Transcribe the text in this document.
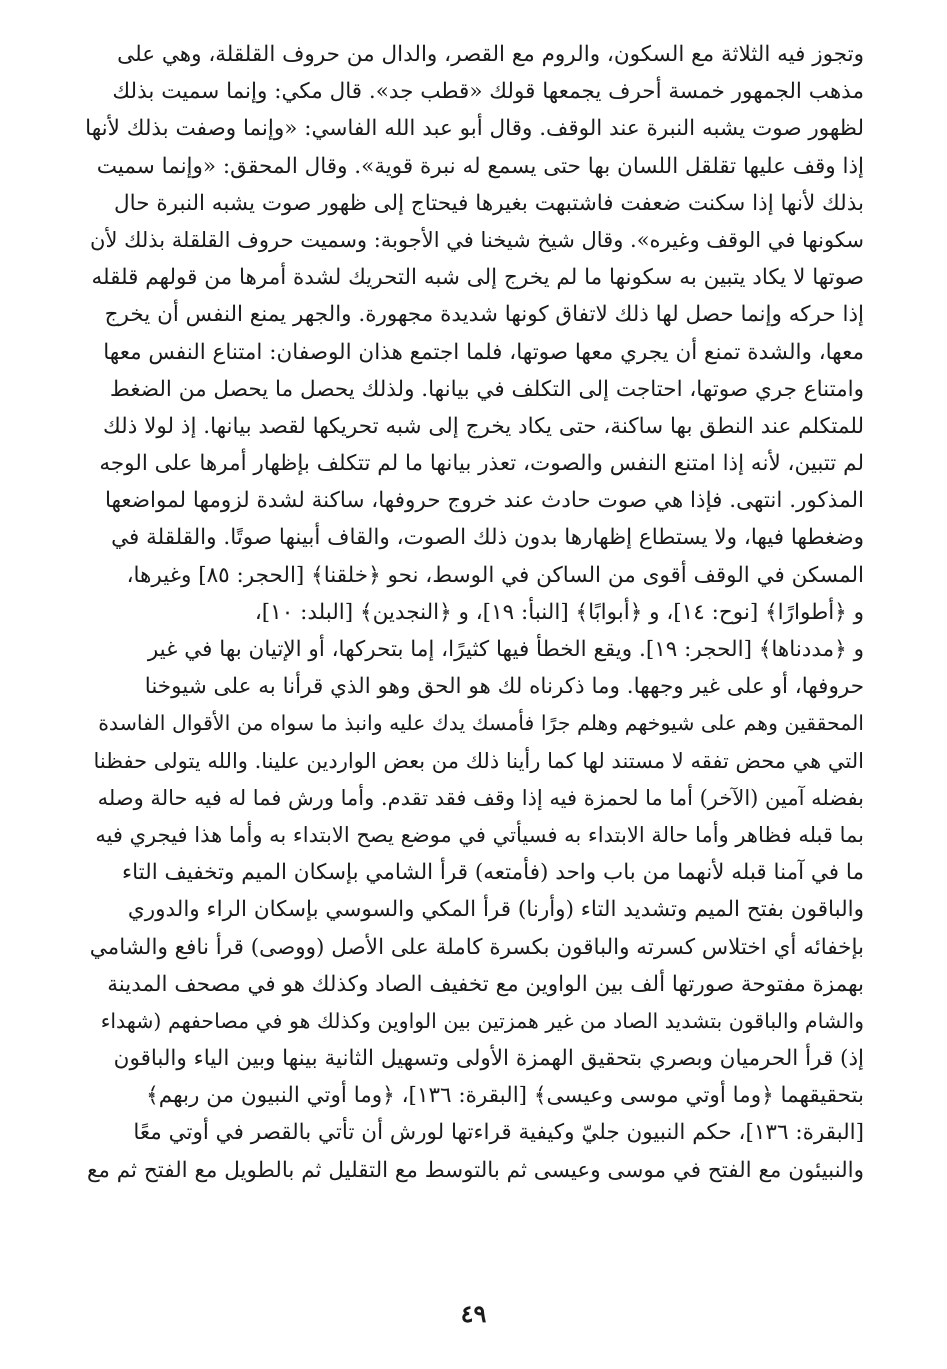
وتجوز فيه الثلاثة مع السكون، والروم مع القصر، والدال من حروف القلقلة، وهي على
مذهب الجمهور خمسة أحرف يجمعها قولك «قطب جد». قال مكي: وإنما سميت بذلك
لظهور صوت يشبه النبرة عند الوقف. وقال أبو عبد الله الفاسي: «وإنما وصفت بذلك لأنها
إذا وقف عليها تقلقل اللسان بها حتى يسمع له نبرة قوية». وقال المحقق: «وإنما سميت
بذلك لأنها إذا سكنت ضعفت فاشتبهت بغيرها فيحتاج إلى ظهور صوت يشبه النبرة حال
سكونها في الوقف وغيره». وقال شيخ شيخنا في الأجوبة: وسميت حروف القلقلة بذلك لأن
صوتها لا يكاد يتبين به سكونها ما لم يخرج إلى شبه التحريك لشدة أمرها من قولهم قلقله
إذا حركه وإنما حصل لها ذلك لاتفاق كونها شديدة مجهورة. والجهر يمنع النفس أن يخرج
معها، والشدة تمنع أن يجري معها صوتها، فلما اجتمع هذان الوصفان: امتناع النفس معها
وامتناع جري صوتها، احتاجت إلى التكلف في بيانها. ولذلك يحصل ما يحصل من الضغط
للمتكلم عند النطق بها ساكنة، حتى يكاد يخرج إلى شبه تحريكها لقصد بيانها. إذ لولا ذلك
لم تتبين، لأنه إذا امتنع النفس والصوت، تعذر بيانها ما لم تتكلف بإظهار أمرها على الوجه
المذكور. انتهى. فإذا هي صوت حادث عند خروج حروفها، ساكنة لشدة لزومها لمواضعها
وضغطها فيها، ولا يستطاع إظهارها بدون ذلك الصوت، والقاف أبينها صوتًا. والقلقلة في
المسكن في الوقف أقوى من الساكن في الوسط، نحو ﴿خلقنا﴾ [الحجر: ٨٥] وغيرها،
و ﴿أطوارًا﴾ [نوح: ١٤]، و ﴿أبوابًا﴾ [النبأ: ١٩]، و ﴿النجدين﴾ [البلد: ١٠]،
و ﴿مددناها﴾ [الحجر: ١٩]. ويقع الخطأ فيها كثيرًا، إما بتحركها، أو الإتيان بها في غير
حروفها، أو على غير وجهها. وما ذكرناه لك هو الحق وهو الذي قرأنا به على شيوخنا
المحققين وهم على شيوخهم وهلم جرًا فأمسك يدك عليه وانبذ ما سواه من الأقوال الفاسدة
التي هي محض تفقه لا مستند لها كما رأينا ذلك من بعض الواردين علينا. والله يتولى حفظنا
بفضله آمين (الآخر) أما ما لحمزة فيه إذا وقف فقد تقدم. وأما ورش فما له فيه حالة وصله
بما قبله فظاهر وأما حالة الابتداء به فسيأتي في موضع يصح الابتداء به وأما هذا فيجري فيه
ما في آمنا قبله لأنهما من باب واحد (فأمتعه) قرأ الشامي بإسكان الميم وتخفيف التاء
والباقون بفتح الميم وتشديد التاء (وأرنا) قرأ المكي والسوسي بإسكان الراء والدوري
بإخفائه أي اختلاس كسرته والباقون بكسرة كاملة على الأصل (ووصى) قرأ نافع والشامي
بهمزة مفتوحة صورتها ألف بين الواوين مع تخفيف الصاد وكذلك هو في مصحف المدينة
والشام والباقون بتشديد الصاد من غير همزتين بين الواوين وكذلك هو في مصاحفهم (شهداء
إذ) قرأ الحرميان وبصري بتحقيق الهمزة الأولى وتسهيل الثانية بينها وبين الياء والباقون
بتحقيقهما ﴿وما أوتي موسى وعيسى﴾ [البقرة: ١٣٦]، ﴿وما أوتي النبيون من ربهم﴾
[البقرة: ١٣٦]، حكم النبيون جليّ وكيفية قراءتها لورش أن تأتي بالقصر في أوتي معًا
والنبيئون مع الفتح في موسى وعيسى ثم بالتوسط مع التقليل ثم بالطويل مع الفتح ثم مع
٤٩
